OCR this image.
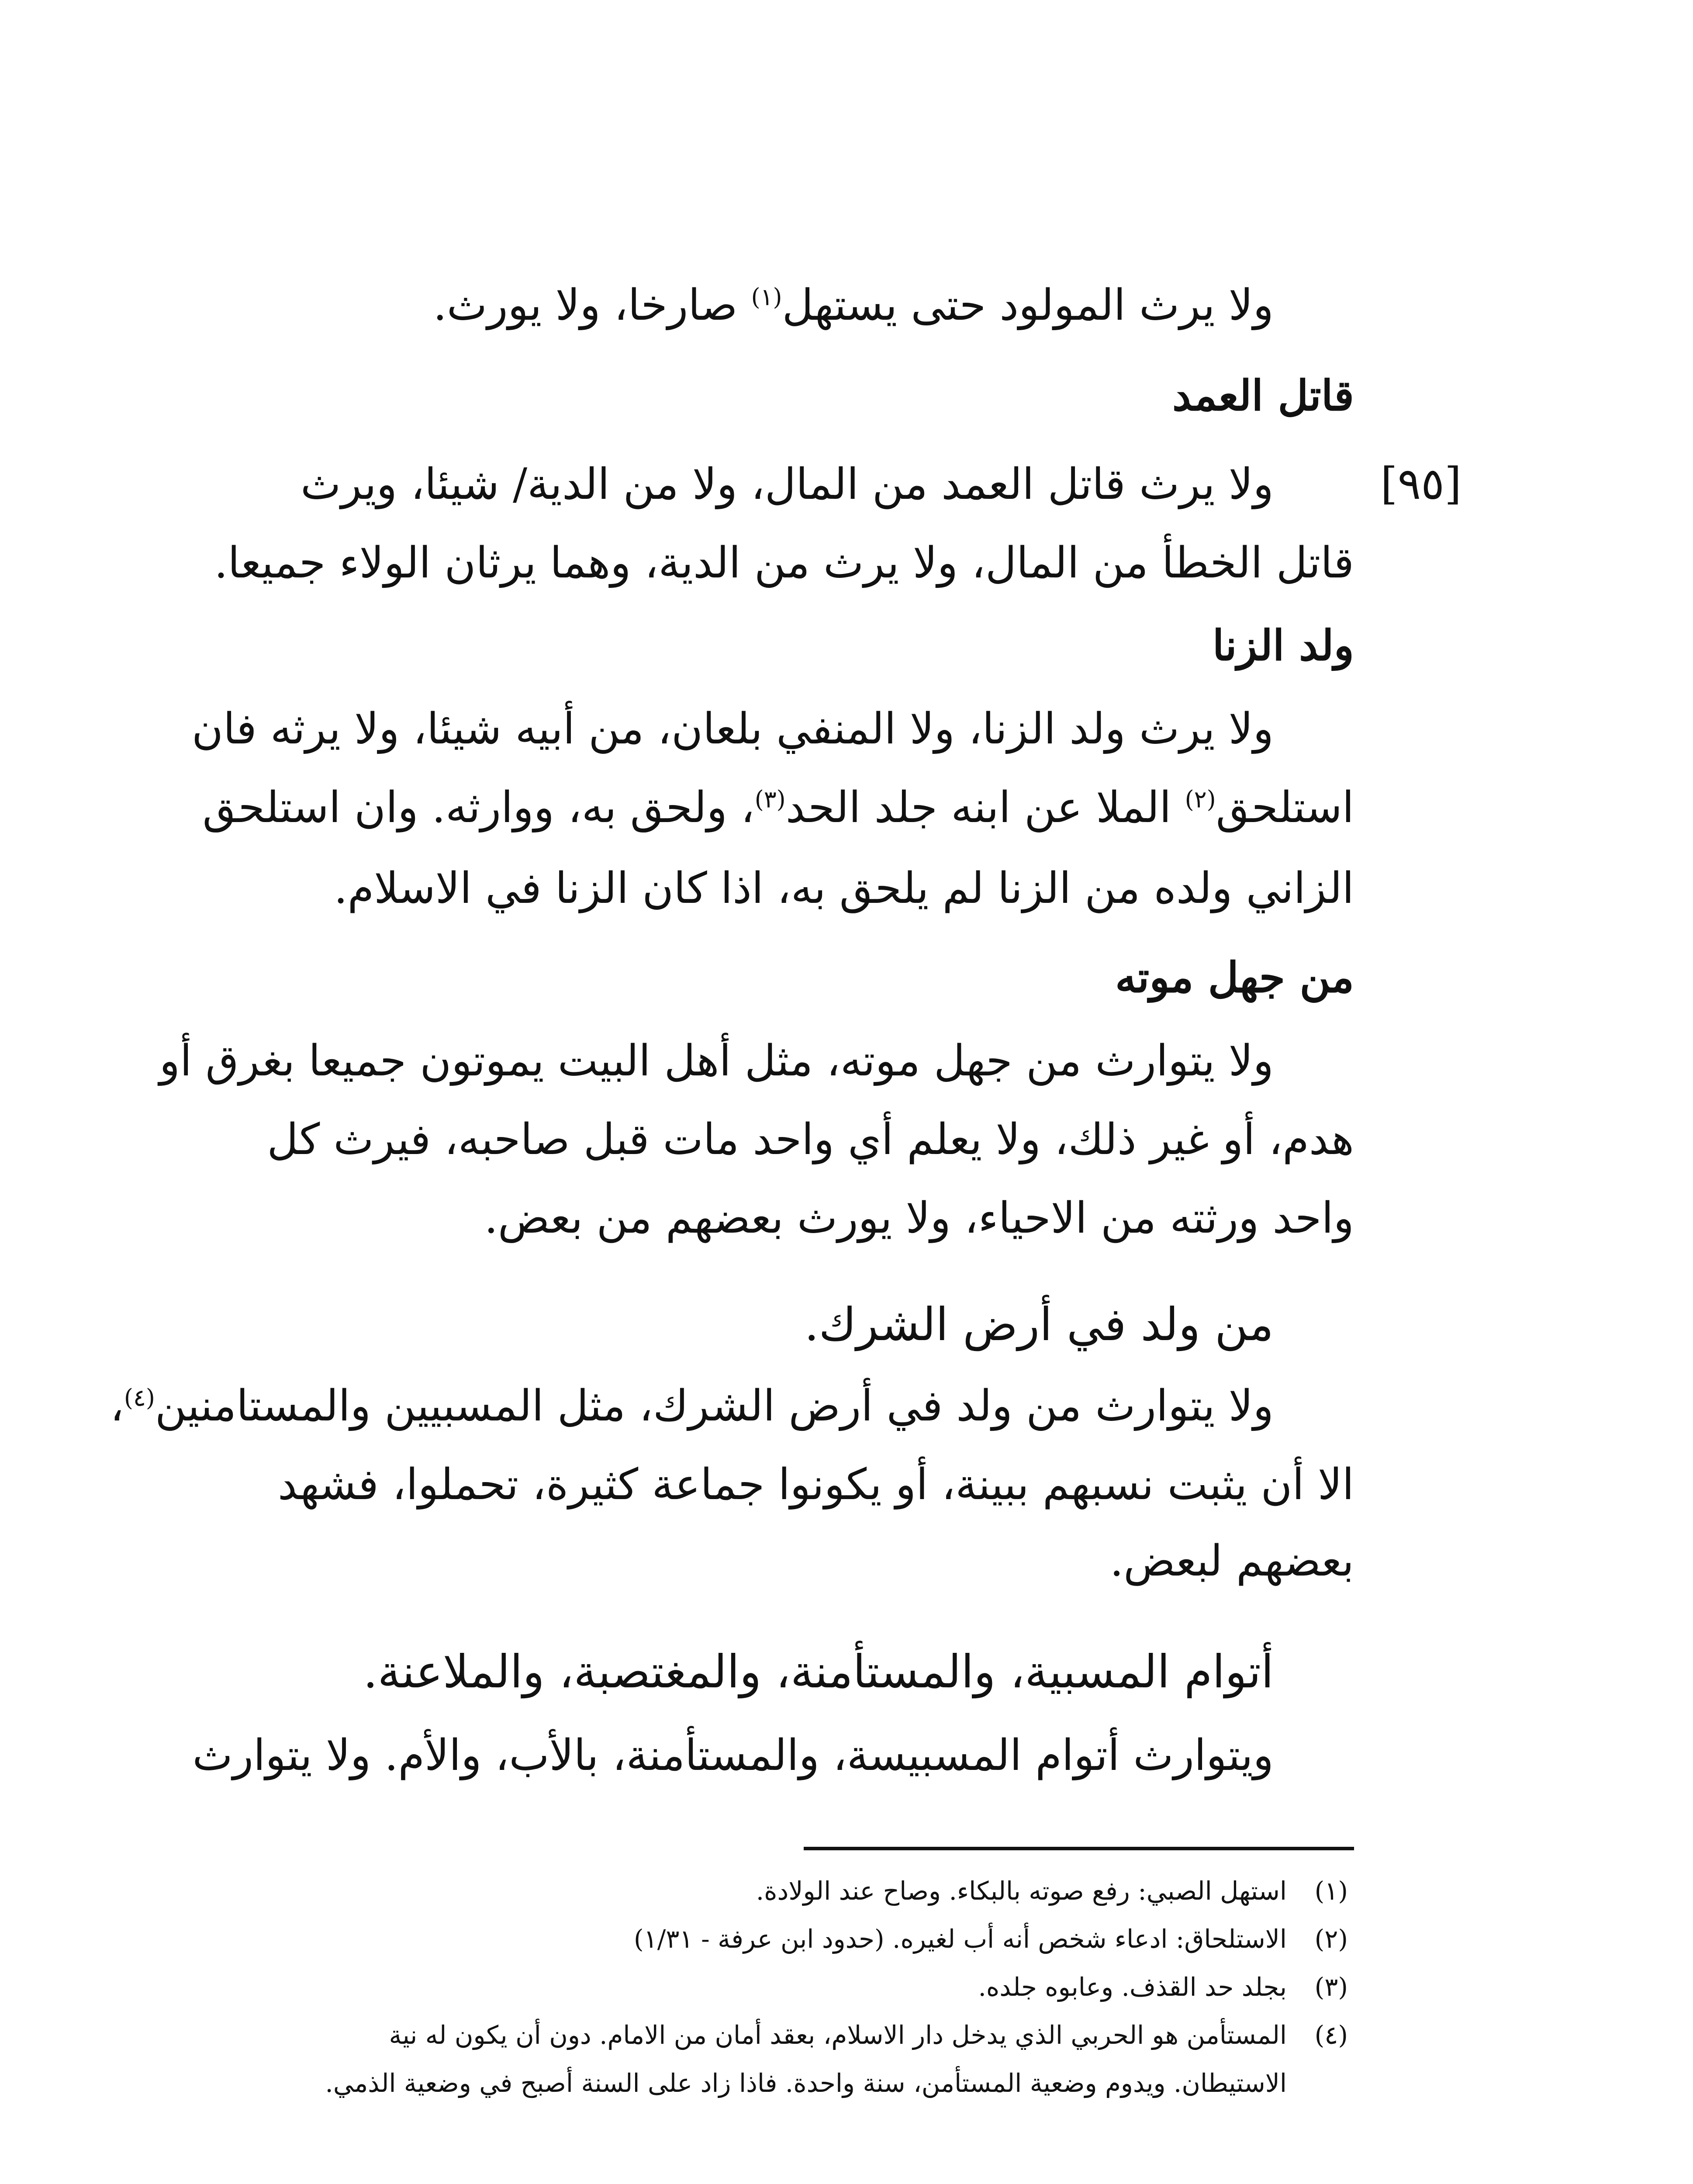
ولا يرث المولود حتى يستهل$^{(١)}$ صارخا، ولا يورث.
قاتل العمد
[٩٥]
ولا يرث قاتل العمد من المال، ولا من الدية/ شيئا، ويرث
قاتل الخطأ من المال، ولا يرث من الدية، وهما يرثان الولاء جميعا.
ولد الزنا
ولا يرث ولد الزنا، ولا المنفي بلعان، من أبيه شيئا، ولا يرثه فان
استلحق$^{(٢)}$ الملا عن ابنه جلد الحد$^{(٣)}$، ولحق به، ووارثه. وان استلحق
الزاني ولده من الزنا لم يلحق به، اذا كان الزنا في الاسلام.
من جهل موته
ولا يتوارث من جهل موته، مثل أهل البيت يموتون جميعا بغرق أو
هدم، أو غير ذلك، ولا يعلم أي واحد مات قبل صاحبه، فيرث كل
واحد ورثته من الاحياء، ولا يورث بعضهم من بعض.
من ولد في أرض الشرك.
ولا يتوارث من ولد في أرض الشرك، مثل المسبيين والمستامنين$^{(٤)}$،
الا أن يثبت نسبهم ببينة، أو يكونوا جماعة كثيرة، تحملوا، فشهد
بعضهم لبعض.
أتوام المسبية، والمستأمنة، والمغتصبة، والملاعنة.
ويتوارث أتوام المسبيسة، والمستأمنة، بالأب، والأم. ولا يتوارث
(١)
استهل الصبي: رفع صوته بالبكاء. وصاح عند الولادة.
(٢)
الاستلحاق: ادعاء شخص أنه أب لغيره. (حدود ابن عرفة - ١/٣١)
(٣)
بجلد حد القذف. وعابوه جلده.
(٤)
المستأمن هو الحربي الذي يدخل دار الاسلام، بعقد أمان من الامام. دون أن يكون له نية
الاستيطان. ويدوم وضعية المستأمن، سنة واحدة. فاذا زاد على السنة أصبح في وضعية الذمي.
